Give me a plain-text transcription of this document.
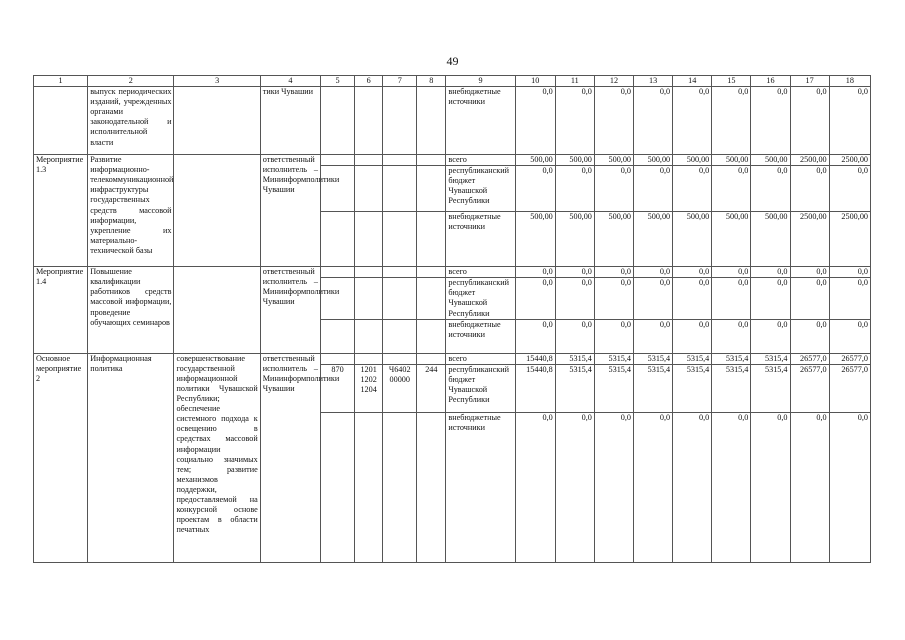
49
1	2	3	4	5	6	7	8	9	10	11	12	13	14	15	16	17	18
	выпуск периодических изданий, учрежденных органами законодательной и исполнительной власти		тики Чувашии					внебюджетные источники	0,0	0,0	0,0	0,0	0,0	0,0	0,0	0,0	0,0
Мероприятие 1.3	Развитие информационно-телекоммуникационной инфраструктуры государственных средств массовой информации, укрепление их материально-технической базы		ответственный исполнитель – Мининформполитики Чувашии					всего	500,00	500,00	500,00	500,00	500,00	500,00	500,00	2500,00	2500,00
								республиканский бюджет Чувашской Республики	0,0	0,0	0,0	0,0	0,0	0,0	0,0	0,0	0,0
								внебюджетные источники	500,00	500,00	500,00	500,00	500,00	500,00	500,00	2500,00	2500,00
Мероприятие 1.4	Повышение квалификации работников средств массовой информации, проведение обучающих семинаров		ответственный исполнитель – Мининформполитики Чувашии					всего	0,0	0,0	0,0	0,0	0,0	0,0	0,0	0,0	0,0
								республиканский бюджет Чувашской Республики	0,0	0,0	0,0	0,0	0,0	0,0	0,0	0,0	0,0
								внебюджетные источники	0,0	0,0	0,0	0,0	0,0	0,0	0,0	0,0	0,0
Основное мероприятие 2	Информационная политика	совершенствование государственной информационной политики Чувашской Республики; обеспечение системного подхода к освещению в средствах массовой информации социально значимых тем; развитие механизмов поддержки, предоставляемой на конкурсной основе проектам в области печатных	ответственный исполнитель – Мининформполитики Чувашии					всего	15440,8	5315,4	5315,4	5315,4	5315,4	5315,4	5315,4	26577,0	26577,0
				870	1201 1202 1204	Ч6402 00000	244	республиканский бюджет Чувашской Республики	15440,8	5315,4	5315,4	5315,4	5315,4	5315,4	5315,4	26577,0	26577,0
								внебюджетные источники	0,0	0,0	0,0	0,0	0,0	0,0	0,0	0,0	0,0
